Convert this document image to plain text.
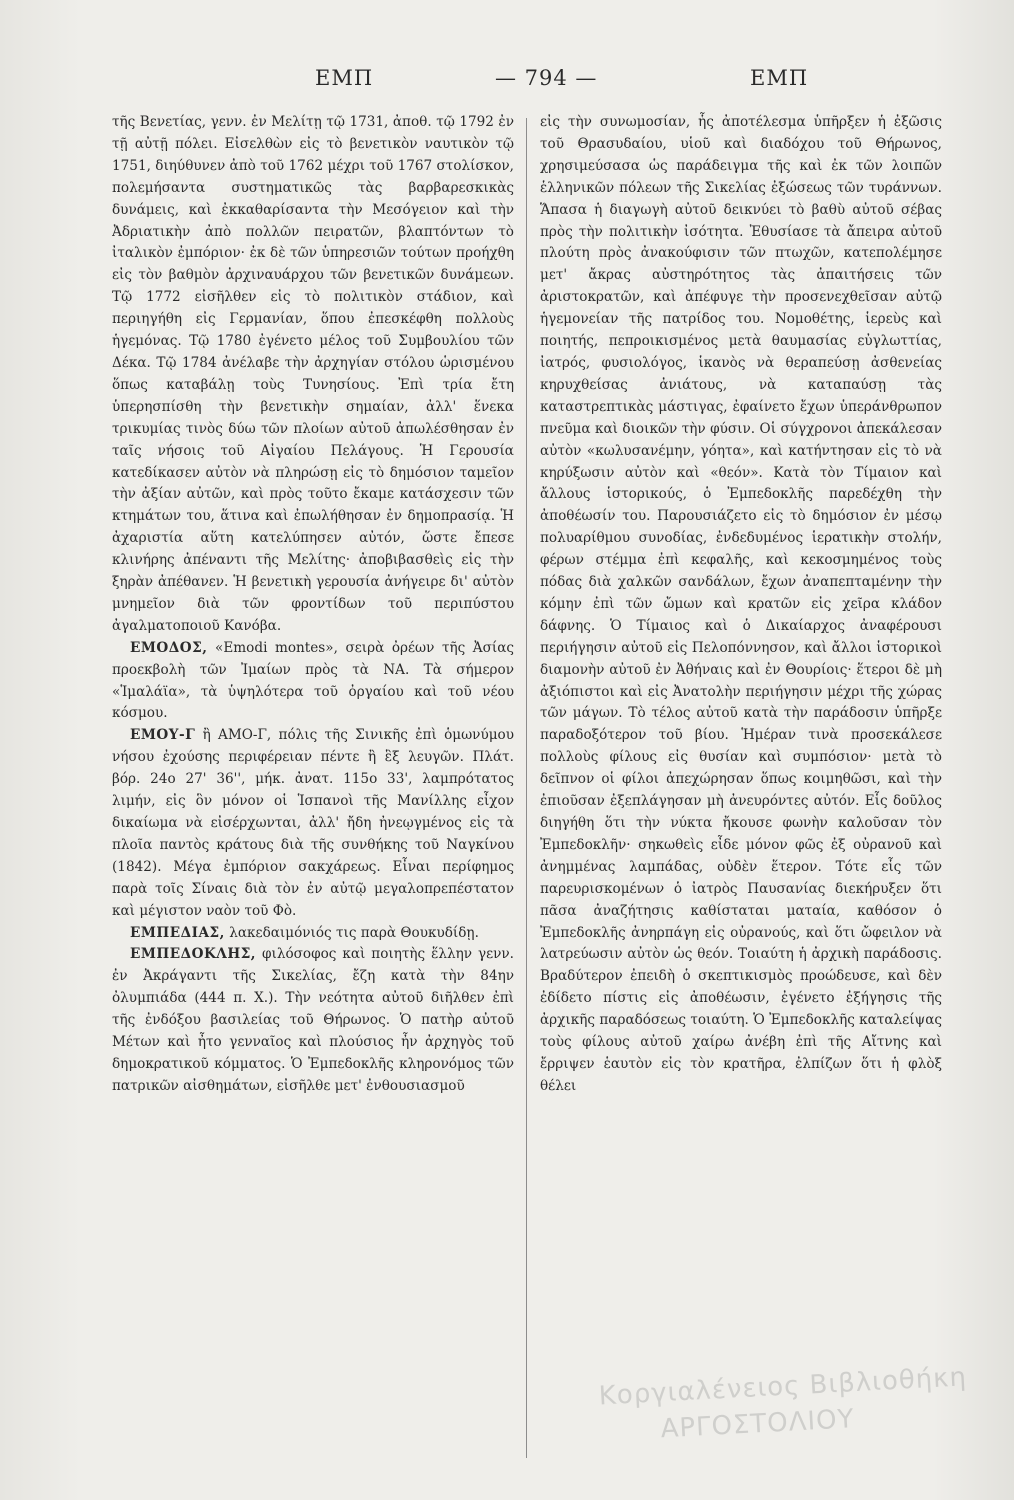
ΕΜΠ	— 794 —	ΕΜΠ

τῆς Βενετίας, γενν. ἐν Μελίτῃ τῷ 1731, ἀποθ. τῷ 1792 ἐν τῇ αὐτῇ πόλει. Εἰσελθὼν εἰς τὸ βενετικὸν ναυτικὸν τῷ 1751, διηύθυνεν ἀπὸ τοῦ 1762 μέχρι τοῦ 1767 στολίσκον, πολεμήσαντα συστηματικῶς τὰς βαρβαρεσκικὰς δυνάμεις, καὶ ἐκκαθαρίσαντα τὴν Μεσόγειον καὶ τὴν Ἀδριατικὴν ἀπὸ πολλῶν πειρατῶν, βλαπτόντων τὸ ἰταλικὸν ἐμπόριον· ἐκ δὲ τῶν ὑπηρεσιῶν τούτων προήχθη εἰς τὸν βαθμὸν ἀρχιναυάρχου τῶν βενετικῶν δυνάμεων. Τῷ 1772 εἰσῆλθεν εἰς τὸ πολιτικὸν στάδιον, καὶ περιηγήθη εἰς Γερμανίαν, ὅπου ἐπεσκέφθη πολλοὺς ἡγεμόνας. Τῷ 1780 ἐγένετο μέλος τοῦ Συμβουλίου τῶν Δέκα. Τῷ 1784 ἀνέλαβε τὴν ἀρχηγίαν στόλου ὡρισμένου ὅπως καταβάλῃ τοὺς Τυνησίους. Ἐπὶ τρία ἔτη ὑπερησπίσθη τὴν βενετικὴν σημαίαν, ἀλλ' ἕνεκα τρικυμίας τινὸς δύω τῶν πλοίων αὐτοῦ ἀπωλέσθησαν ἐν ταῖς νήσοις τοῦ Αἰγαίου Πελάγους. Ἡ Γερουσία κατεδίκασεν αὐτὸν νὰ πληρώσῃ εἰς τὸ δημόσιον ταμεῖον τὴν ἀξίαν αὐτῶν, καὶ πρὸς τοῦτο ἔκαμε κατάσχεσιν τῶν κτημάτων του, ἅτινα καὶ ἐπωλήθησαν ἐν δημοπρασίᾳ. Ἡ ἀχαριστία αὕτη κατελύπησεν αὐτόν, ὥστε ἔπεσε κλινήρης ἀπέναντι τῆς Μελίτης· ἀποβιβασθεὶς εἰς τὴν ξηρὰν ἀπέθανεν. Ἡ βενετικὴ γερουσία ἀνήγειρε δι' αὐτὸν μνημεῖον διὰ τῶν φροντίδων τοῦ περιπύστου ἀγαλματοποιοῦ Κανόβα.

ΕΜΟΔΟΣ, «Emodi montes», σειρὰ ὀρέων τῆς Ἀσίας προεκβολὴ τῶν Ἰμαίων πρὸς τὰ ΝΑ. Τὰ σήμερον «Ἱμαλάϊα», τὰ ὑψηλότερα τοῦ ὀργαίου καὶ τοῦ νέου κόσμου.

ΕΜΟΥ-Γ ἢ ΑΜΟ-Γ, πόλις τῆς Σινικῆς ἐπὶ ὁμωνύμου νήσου ἐχούσης περιφέρειαν πέντε ἢ ἓξ λευγῶν. Πλάτ. βόρ. 24ο 27' 36'', μήκ. ἀνατ. 115ο 33', λαμπρότατος λιμήν, εἰς ὃν μόνον οἱ Ἱσπανοὶ τῆς Μανίλλης εἶχον δικαίωμα νὰ εἰσέρχωνται, ἀλλ' ἤδη ἠνεῳγμένος εἰς τὰ πλοῖα παντὸς κράτους διὰ τῆς συνθήκης τοῦ Ναγκίνου (1842). Μέγα ἐμπόριον σακχάρεως. Εἶναι περίφημος παρὰ τοῖς Σίναις διὰ τὸν ἐν αὐτῷ μεγαλοπρεπέστατον καὶ μέγιστον ναὸν τοῦ Φὸ.

ΕΜΠΕΔΙΑΣ, λακεδαιμόνιός τις παρὰ Θουκυδίδῃ.

ΕΜΠΕΔΟΚΛΗΣ, φιλόσοφος καὶ ποιητὴς ἕλλην γενν. ἐν Ἀκράγαντι τῆς Σικελίας, ἔζη κατὰ τὴν 84ην ὀλυμπιάδα (444 π. Χ.). Τὴν νεότητα αὐτοῦ διῆλθεν ἐπὶ τῆς ἐνδόξου βασιλείας τοῦ Θήρωνος. Ὁ πατὴρ αὐτοῦ Μέτων καὶ ἦτο γενναῖος καὶ πλούσιος ἦν ἀρχηγὸς τοῦ δημοκρατικοῦ κόμματος. Ὁ Ἐμπεδοκλῆς κληρονόμος τῶν πατρικῶν αἰσθημάτων, εἰσῆλθε μετ' ἐνθουσιασμοῦ

εἰς τὴν συνωμοσίαν, ἧς ἀποτέλεσμα ὑπῆρξεν ἡ ἐξῶσις τοῦ Θρασυδαίου, υἱοῦ καὶ διαδόχου τοῦ Θήρωνος, χρησιμεύσασα ὡς παράδειγμα τῆς καὶ ἐκ τῶν λοιπῶν ἑλληνικῶν πόλεων τῆς Σικελίας ἐξώσεως τῶν τυράννων. Ἅπασα ἡ διαγωγὴ αὐτοῦ δεικνύει τὸ βαθὺ αὐτοῦ σέβας πρὸς τὴν πολιτικὴν ἰσότητα. Ἐθυσίασε τὰ ἄπειρα αὐτοῦ πλούτη πρὸς ἀνακούφισιν τῶν πτωχῶν, κατεπολέμησε μετ' ἄκρας αὐστηρότητος τὰς ἀπαιτήσεις τῶν ἀριστοκρατῶν, καὶ ἀπέφυγε τὴν προσενεχθεῖσαν αὐτῷ ἡγεμονείαν τῆς πατρίδος του. Νομοθέτης, ἱερεὺς καὶ ποιητής, πεπροικισμένος μετὰ θαυμασίας εὐγλωττίας, ἰατρός, φυσιολόγος, ἱκανὸς νὰ θεραπεύσῃ ἀσθενείας κηρυχθείσας ἀνιάτους, νὰ καταπαύσῃ τὰς καταστρεπτικὰς μάστιγας, ἐφαίνετο ἔχων ὑπεράνθρωπον πνεῦμα καὶ διοικῶν τὴν φύσιν. Οἱ σύγχρονοι ἀπεκάλεσαν αὐτὸν «κωλυσανέμην, γόητα», καὶ κατήντησαν εἰς τὸ νὰ κηρύξωσιν αὐτὸν καὶ «θεόν». Κατὰ τὸν Τίμαιον καὶ ἄλλους ἱστορικούς, ὁ Ἐμπεδοκλῆς παρεδέχθη τὴν ἀποθέωσίν του. Παρουσιάζετο εἰς τὸ δημόσιον ἐν μέσῳ πολυαρίθμου συνοδίας, ἐνδεδυμένος ἱερατικὴν στολήν, φέρων στέμμα ἐπὶ κεφαλῆς, καὶ κεκοσμημένος τοὺς πόδας διὰ χαλκῶν σανδάλων, ἔχων ἀναπεπταμένην τὴν κόμην ἐπὶ τῶν ὤμων καὶ κρατῶν εἰς χεῖρα κλάδον δάφνης. Ὁ Τίμαιος καὶ ὁ Δικαίαρχος ἀναφέρουσι περιήγησιν αὐτοῦ εἰς Πελοπόννησον, καὶ ἄλλοι ἱστορικοὶ διαμονὴν αὐτοῦ ἐν Ἀθήναις καὶ ἐν Θουρίοις· ἕτεροι δὲ μὴ ἀξιόπιστοι καὶ εἰς Ἀνατολὴν περιήγησιν μέχρι τῆς χώρας τῶν μάγων. Τὸ τέλος αὐτοῦ κατὰ τὴν παράδοσιν ὑπῆρξε παραδοξότερον τοῦ βίου. Ἡμέραν τινὰ προσεκάλεσε πολλοὺς φίλους εἰς θυσίαν καὶ συμπόσιον· μετὰ τὸ δεῖπνον οἱ φίλοι ἀπεχώρησαν ὅπως κοιμηθῶσι, καὶ τὴν ἐπιοῦσαν ἐξεπλάγησαν μὴ ἀνευρόντες αὐτόν. Εἷς δοῦλος διηγήθη ὅτι τὴν νύκτα ἤκουσε φωνὴν καλοῦσαν τὸν Ἐμπεδοκλῆν· σηκωθεὶς εἶδε μόνον φῶς ἐξ οὐρανοῦ καὶ ἀνημμένας λαμπάδας, οὐδὲν ἕτερον. Τότε εἷς τῶν παρευρισκομένων ὁ ἰατρὸς Παυσανίας διεκήρυξεν ὅτι πᾶσα ἀναζήτησις καθίσταται ματαία, καθόσον ὁ Ἐμπεδοκλῆς ἀνηρπάγη εἰς οὐρανούς, καὶ ὅτι ὤφειλον νὰ λατρεύωσιν αὐτὸν ὡς θεόν. Τοιαύτη ἡ ἀρχικὴ παράδοσις. Βραδύτερον ἐπειδὴ ὁ σκεπτικισμὸς προώδευσε, καὶ δὲν ἐδίδετο πίστις εἰς ἀποθέωσιν, ἐγένετο ἐξήγησις τῆς ἀρχικῆς παραδόσεως τοιαύτη. Ὁ Ἐμπεδοκλῆς καταλείψας τοὺς φίλους αὐτοῦ χαίρω ἀνέβη ἐπὶ τῆς Αἴτνης καὶ ἔρριψεν ἑαυτὸν εἰς τὸν κρατῆρα, ἐλπίζων ὅτι ἡ φλὸξ θέλει

Κοργιαλένειος Βιβλιοθήκη
ΑΡΓΟΣΤΟΛΙΟΥ
